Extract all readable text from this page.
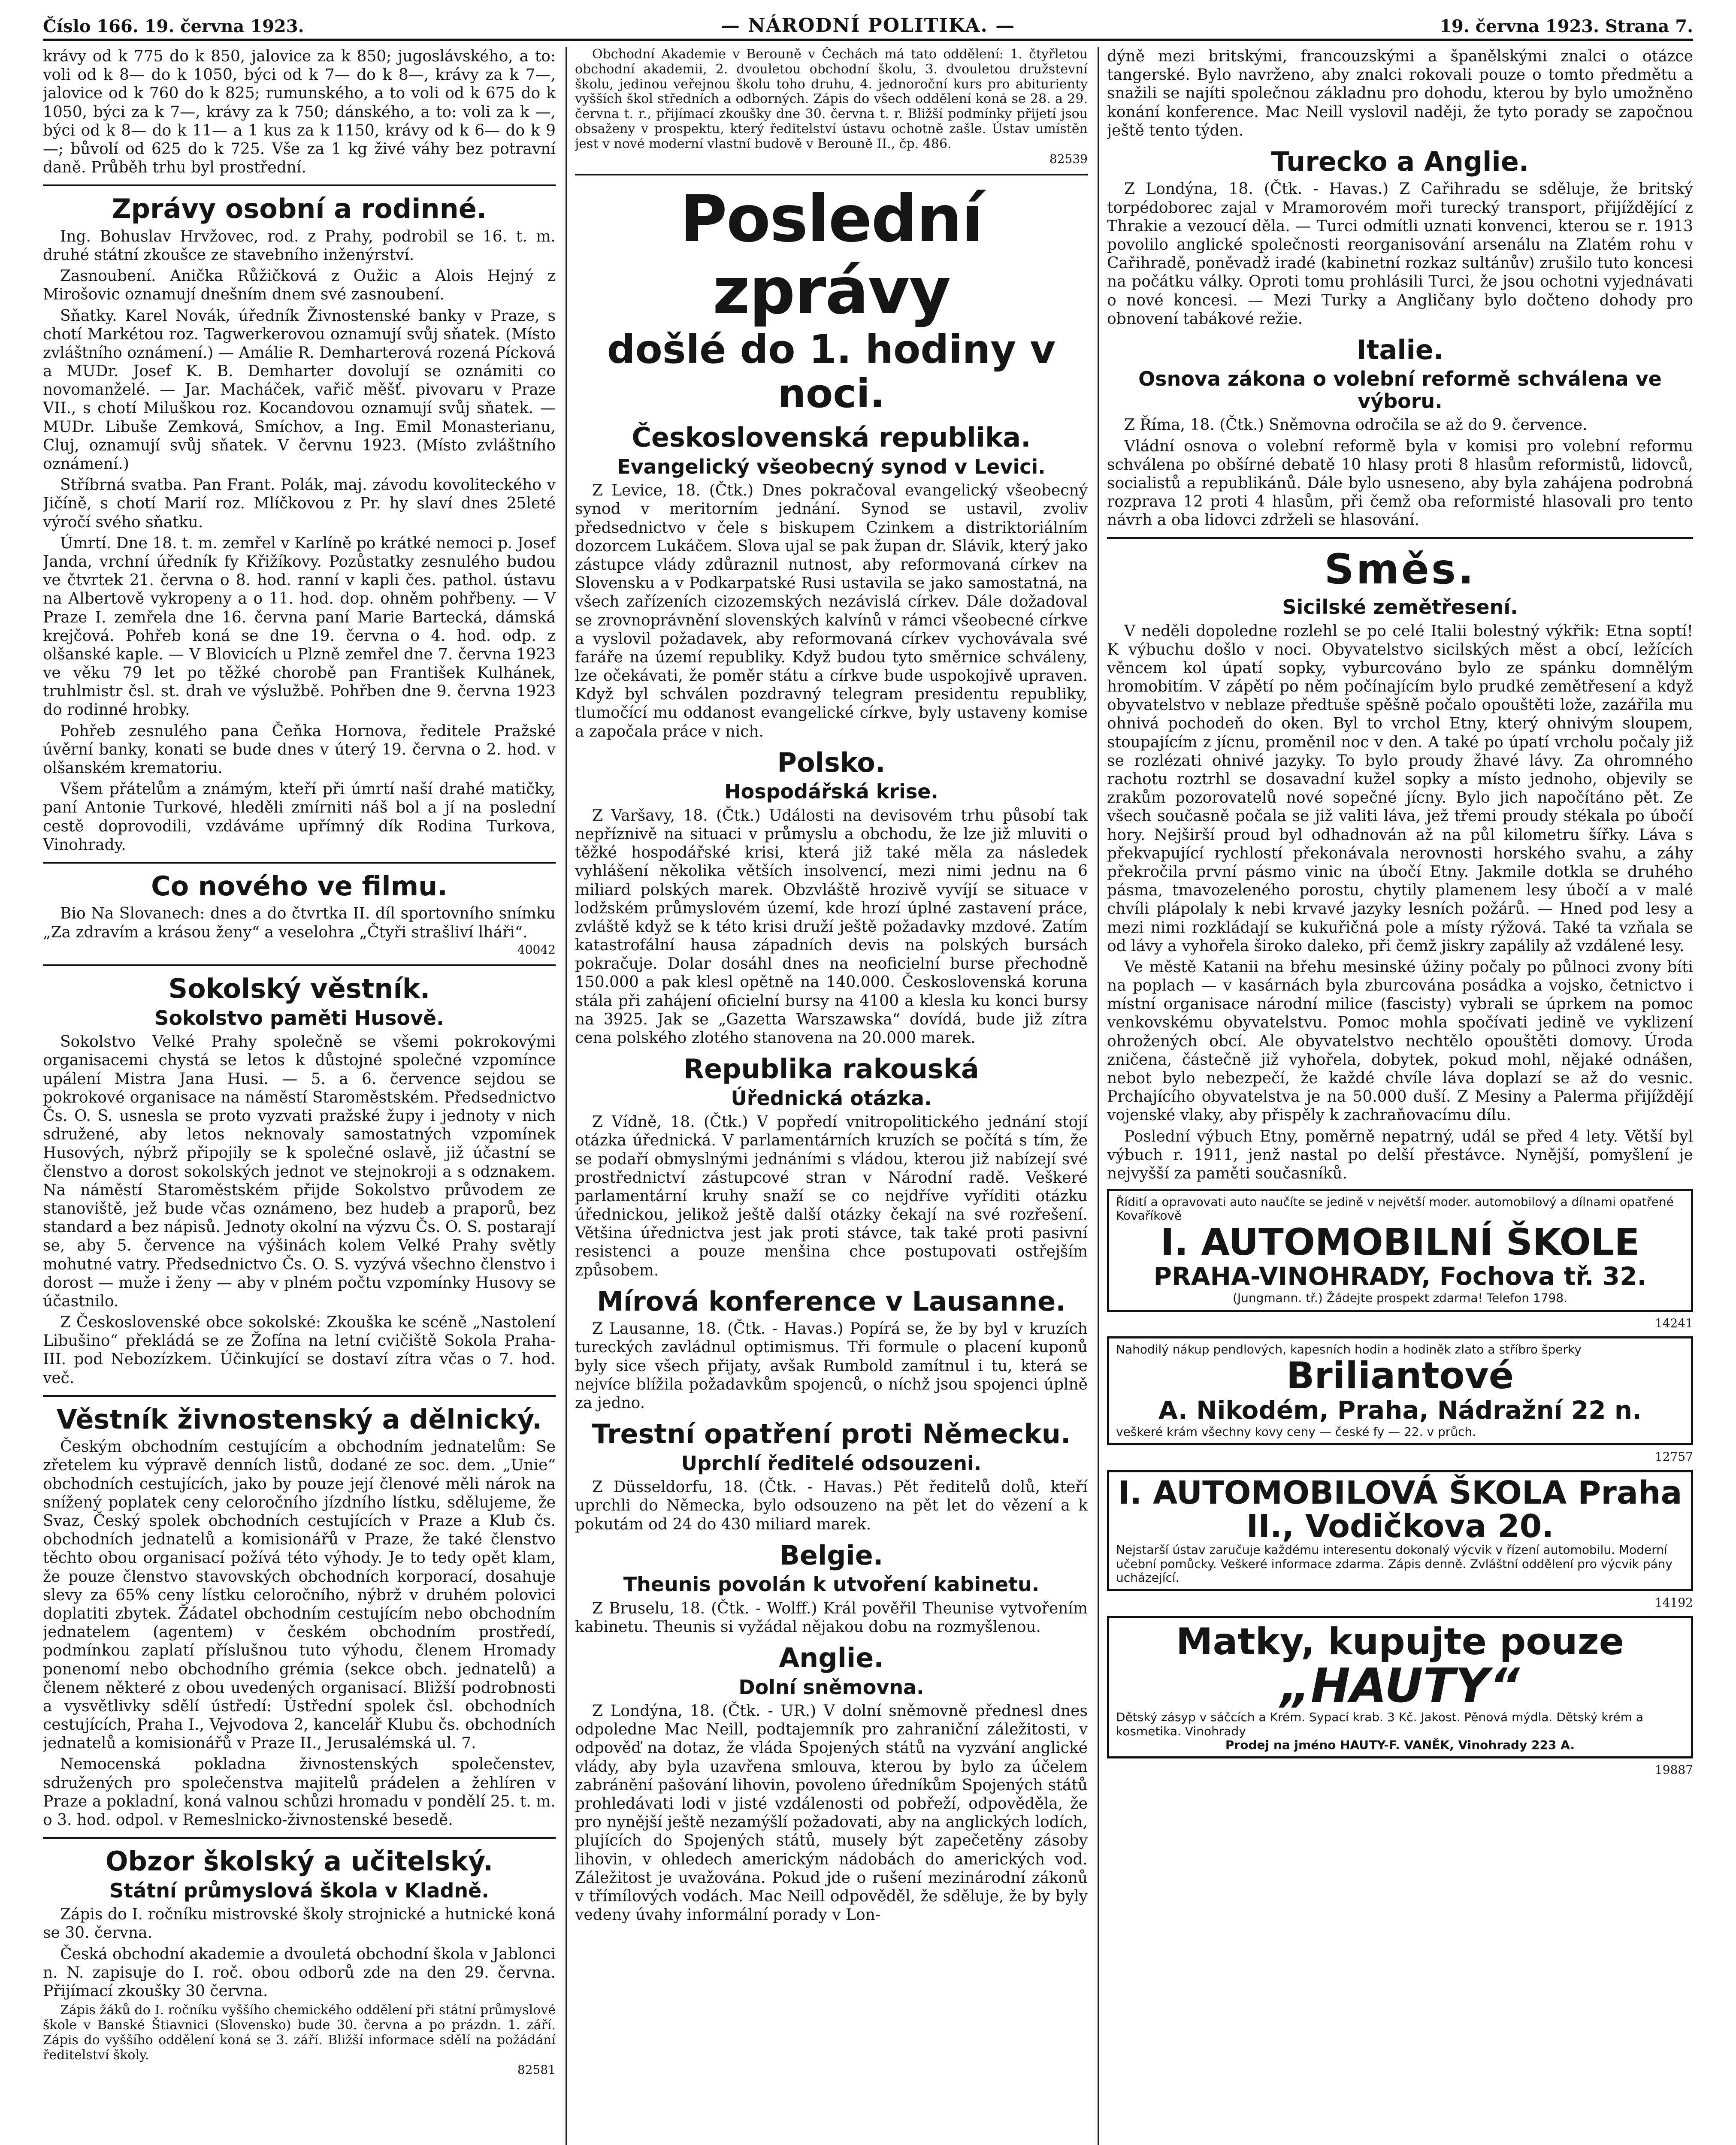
Číslo 166. 19. června 1923.	— NÁRODNÍ POLITIKA. —	19. června 1923. Strana 7.

krávy od k 775 do k 850, jalovice za k 850; jugoslávského, a to: voli od k 8— do k 1050, býci od k 7— do k 8—, krávy za k 7—, jalovice od k 760 do k 825; rumunského, a to voli od k 675 do k 1050, býci za k 7—, krávy za k 750; dánského, a to: voli za k —, býci od k 8— do k 11— a 1 kus za k 1150, krávy od k 6— do k 9—; bůvolí od 625 do k 725. Vše za 1 kg živé váhy bez potravní daně. Průběh trhu byl prostřední.

Zprávy osobní a rodinné.

Ing. Bohuslav Hrvžovec, rod. z Prahy, podrobil se 16. t. m. druhé státní zkoušce ze stavebního inženýrství.

Zasnoubení. Anička Růžičková z Oužic a Alois Hejný z Mirošovic oznamují dnešním dnem své zasnoubení.

Sňatky. Karel Novák, úředník Živnostenské banky v Praze, s chotí Markétou roz. Tagwerkerovou oznamují svůj sňatek. (Místo zvláštního oznámení.) — Amálie R. Demharterová rozená Pícková a MUDr. Josef K. B. Demharter dovolují se oznámiti co novomanželé. — Jar. Macháček, vařič měšť. pivovaru v Praze VII., s chotí Miluškou roz. Kocandovou oznamují svůj sňatek. — MUDr. Libuše Zemková, Smíchov, a Ing. Emil Monasterianu, Cluj, oznamují svůj sňatek. V červnu 1923. (Místo zvláštního oznámení.)

Stříbrná svatba. Pan Frant. Polák, maj. závodu kovoliteckého v Jičíně, s chotí Marií roz. Mlíčkovou z Pr. hy slaví dnes 25leté výročí svého sňatku.

Úmrtí. Dne 18. t. m. zemřel v Karlíně po krátké nemoci p. Josef Janda, vrchní úředník fy Křižíkovy. Pozůstatky zesnulého budou ve čtvrtek 21. června o 8. hod. ranní v kapli čes. pathol. ústavu na Albertově vykropeny a o 11. hod. dop. ohněm pohřbeny. — V Praze I. zemřela dne 16. června paní Marie Bartecká, dámská krejčová. Pohřeb koná se dne 19. června o 4. hod. odp. z olšanské kaple. — V Blovicích u Plzně zemřel dne 7. června 1923 ve věku 79 let po těžké chorobě pan František Kulhánek, truhlmistr čsl. st. drah ve výslužbě. Pohřben dne 9. června 1923 do rodinné hrobky.

Pohřeb zesnulého pana Čeňka Hornova, ředitele Pražské úvěrní banky, konati se bude dnes v úterý 19. června o 2. hod. v olšanském krematoriu.

Všem přátelům a známým, kteří při úmrtí naší drahé matičky, paní Antonie Turkové, hleděli zmírniti náš bol a jí na poslední cestě doprovodili, vzdáváme upřímný dík Rodina Turkova, Vinohrady.

Co nového ve filmu.

Bio Na Slovanech: dnes a do čtvrtka II. díl sportovního snímku „Za zdravím a krásou ženy“ a veselohra „Čtyři strašliví lháři“.

40042
Sokolský věstník.
Sokolstvo paměti Husově.

Sokolstvo Velké Prahy společně se všemi pokrokovými organisacemi chystá se letos k důstojné společné vzpomínce upálení Mistra Jana Husi. — 5. a 6. července sejdou se pokrokové organisace na náměstí Staroměstském. Předsednictvo Čs. O. S. usnesla se proto vyzvati pražské župy i jednoty v nich sdružené, aby letos neknovaly samostatných vzpomínek Husových, nýbrž připojily se k společné oslavě, již účastní se členstvo a dorost sokolských jednot ve stejnokroji a s odznakem. Na náměstí Staroměstském přijde Sokolstvo průvodem ze stanoviště, jež bude včas oznámeno, bez hudeb a praporů, bez standard a bez nápisů. Jednoty okolní na výzvu Čs. O. S. postarají se, aby 5. července na výšinách kolem Velké Prahy světly mohutné vatry. Předsednictvo Čs. O. S. vyzývá všechno členstvo i dorost — muže i ženy — aby v plném počtu vzpomínky Husovy se účastnilo.

Z Československé obce sokolské: Zkouška ke scéně „Nastolení Libušino“ překládá se ze Žofína na letní cvičiště Sokola Praha-III. pod Nebozízkem. Účinkující se dostaví zítra včas o 7. hod. več.

Věstník živnostenský a dělnický.

Českým obchodním cestujícím a obchodním jednatelům: Se zřetelem ku výpravě denních listů, dodané ze soc. dem. „Unie“ obchodních cestujících, jako by pouze její členové měli nárok na snížený poplatek ceny celoročního jízdního lístku, sdělujeme, že Svaz, Český spolek obchodních cestujících v Praze a Klub čs. obchodních jednatelů a komisionářů v Praze, že také členstvo těchto obou organisací požívá této výhody. Je to tedy opět klam, že pouze členstvo stavovských obchodních korporací, dosahuje slevy za 65% ceny lístku celoročního, nýbrž v druhém polovici doplatiti zbytek. Žádatel obchodním cestujícím nebo obchodním jednatelem (agentem) v českém obchodním prostředí, podmínkou zaplatí příslušnou tuto výhodu, členem Hromady ponenomí nebo obchodního grémia (sekce obch. jednatelů) a členem některé z obou uvedených organisací. Bližší podrobnosti a vysvětlivky sdělí ústředí: Ústřední spolek čsl. obchodních cestujících, Praha I., Vejvodova 2, kancelář Klubu čs. obchodních jednatelů a komisionářů v Praze II., Jerusalémská ul. 7.

Nemocenská pokladna živnostenských společenstev, sdružených pro společenstva majitelů prádelen a žehlíren v Praze a pokladní, koná valnou schůzi hromadu v pondělí 25. t. m. o 3. hod. odpol. v Remeslnicko-živnostenské besedě.

Obzor školský a učitelský.
Státní průmyslová škola v Kladně.

Zápis do I. ročníku mistrovské školy strojnické a hutnické koná se 30. června.

Česká obchodní akademie a dvouletá obchodní škola v Jablonci n. N. zapisuje do I. roč. obou odborů zde na den 29. června. Přijímací zkoušky 30 června.

Zápis žáků do I. ročníku vyššího chemického oddělení při státní průmyslové škole v Banské Štiavnici (Slovensko) bude 30. června a po prázdn. 1. září. Zápis do vyššího oddělení koná se 3. září. Bližší informace sdělí na požádání ředitelství školy.

82581

Obchodní Akademie v Berouně v Čechách má tato oddělení: 1. čtyřletou obchodní akademii, 2. dvouletou obchodní školu, 3. dvouletou družstevní školu, jedinou veřejnou školu toho druhu, 4. jednoroční kurs pro abiturienty vyšších škol středních a odborných. Zápis do všech oddělení koná se 28. a 29. června t. r., přijímací zkoušky dne 30. června t. r. Bližší podmínky přijetí jsou obsaženy v prospektu, který ředitelství ústavu ochotně zašle. Ústav umístěn jest v nové moderní vlastní budově v Berouně II., čp. 486.

82539
Poslední zprávy
došlé do 1. hodiny v noci.
Československá republika.
Evangelický všeobecný synod v Levici.

Z Levice, 18. (Čtk.) Dnes pokračoval evangelický všeobecný synod v meritorním jednání. Synod se ustavil, zvoliv předsednictvo v čele s biskupem Czinkem a distriktoriálním dozorcem Lukáčem. Slova ujal se pak župan dr. Slávik, který jako zástupce vlády zdůraznil nutnost, aby reformovaná církev na Slovensku a v Podkarpatské Rusi ustavila se jako samostatná, na všech zařízeních cizozemských nezávislá církev. Dále dožadoval se zrovnoprávnění slovenských kalvínů v rámci všeobecné církve a vyslovil požadavek, aby reformovaná církev vychovávala své faráře na území republiky. Když budou tyto směrnice schváleny, lze očekávati, že poměr státu a církve bude uspokojivě upraven. Když byl schválen pozdravný telegram presidentu republiky, tlumočící mu oddanost evangelické církve, byly ustaveny komise a započala práce v nich.

Polsko.
Hospodářská krise.

Z Varšavy, 18. (Čtk.) Události na devisovém trhu působí tak nepříznivě na situaci v průmyslu a obchodu, že lze již mluviti o těžké hospodářské krisi, která již také měla za následek vyhlášení několika větších insolvencí, mezi nimi jednu na 6 miliard polských marek. Obzvláště hrozivě vyvíjí se situace v lodžském průmyslovém území, kde hrozí úplné zastavení práce, zvláště když se k této krisi druží ještě požadavky mzdové. Zatím katastrofální hausa západních devis na polských bursách pokračuje. Dolar dosáhl dnes na neoficielní burse přechodně 150.000 a pak klesl opětně na 140.000. Československá koruna stála při zahájení oficielní bursy na 4100 a klesla ku konci bursy na 3925. Jak se „Gazetta Warszawska“ dovídá, bude již zítra cena polského zlotého stanovena na 20.000 marek.

Republika rakouská
Úřednická otázka.

Z Vídně, 18. (Čtk.) V popředí vnitropolitického jednání stojí otázka úřednická. V parlamentárních kruzích se počítá s tím, že se podaří obmyslnými jednáními s vládou, kterou již nabízejí své prostřednictví zástupcové stran v Národní radě. Veškeré parlamentární kruhy snaží se co nejdříve vyříditi otázku úřednickou, jelikož ještě další otázky čekají na své rozřešení. Většina úřednictva jest jak proti stávce, tak také proti pasivní resistenci a pouze menšina chce postupovati ostřejším způsobem.

Mírová konference v Lausanne.

Z Lausanne, 18. (Čtk. - Havas.) Popírá se, že by byl v kruzích tureckých zavládnul optimismus. Tři formule o placení kuponů byly sice všech přijaty, avšak Rumbold zamítnul i tu, která se nejvíce blížila požadavkům spojenců, o níchž jsou spojenci úplně za jedno.

Trestní opatření proti Německu.
Uprchlí ředitelé odsouzeni.

Z Düsseldorfu, 18. (Čtk. - Havas.) Pět ředitelů dolů, kteří uprchli do Německa, bylo odsouzeno na pět let do vězení a k pokutám od 24 do 430 miliard marek.

Belgie.
Theunis povolán k utvoření kabinetu.

Z Bruselu, 18. (Čtk. - Wolff.) Král pověřil Theunise vytvořením kabinetu. Theunis si vyžádal nějakou dobu na rozmyšlenou.

Anglie.
Dolní sněmovna.

Z Londýna, 18. (Čtk. - UR.) V dolní sněmovně přednesl dnes odpoledne Mac Neill, podtajemník pro zahraniční záležitosti, v odpověď na dotaz, že vláda Spojených států na vyzvání anglické vlády, aby byla uzavřena smlouva, kterou by bylo za účelem zabránění pašování lihovin, povoleno úředníkům Spojených států prohledávati lodi v jisté vzdálenosti od pobřeží, odpověděla, že pro nynější ještě nezamýšlí požadovati, aby na anglických lodích, plujících do Spojených států, musely být zapečetěny zásoby lihovin, v ohledech americkým nádobách do amerických vod. Záležitost je uvažována. Pokud jde o rušení mezinárodní zákonů v třímílových vodách. Mac Neill odpověděl, že sděluje, že by byly vedeny úvahy informální porady v Lon-

dýně mezi britskými, francouzskými a španělskými znalci o otázce tangerské. Bylo navrženo, aby znalci rokovali pouze o tomto předmětu a snažili se najíti společnou základnu pro dohodu, kterou by bylo umožněno konání konference. Mac Neill vyslovil naději, že tyto porady se započnou ještě tento týden.

Turecko a Anglie.

Z Londýna, 18. (Čtk. - Havas.) Z Cařihradu se sděluje, že britský torpédoborec zajal v Mramorovém moři turecký transport, přijíždějící z Thrakie a vezoucí děla. — Turci odmítli uznati konvenci, kterou se r. 1913 povolilo anglické společnosti reorganisování arsenálu na Zlatém rohu v Cařihradě, poněvadž iradé (kabinetní rozkaz sultánův) zrušilo tuto koncesi na počátku války. Oproti tomu prohlásili Turci, že jsou ochotni vyjednávati o nové koncesi. — Mezi Turky a Angličany bylo dočteno dohody pro obnovení tabákové režie.

Italie.
Osnova zákona o volební reformě schválena ve výboru.

Z Říma, 18. (Čtk.) Sněmovna odročila se až do 9. července.

Vládní osnova o volební reformě byla v komisi pro volební reformu schválena po obšírné debatě 10 hlasy proti 8 hlasům reformistů, lidovců, socialistů a republikánů. Dále bylo usneseno, aby byla zahájena podrobná rozprava 12 proti 4 hlasům, při čemž oba reformisté hlasovali pro tento návrh a oba lidovci zdrželi se hlasování.

Směs.
Sicilské zemětřesení.

V neděli dopoledne rozlehl se po celé Italii bolestný výkřik: Etna soptí! K výbuchu došlo v noci. Obyvatelstvo sicilských měst a obcí, ležících věncem kol úpatí sopky, vyburcováno bylo ze spánku domnělým hromobitím. V zápětí po něm počínajícím bylo prudké zemětřesení a když obyvatelstvo v neblaze předtuše spěšně počalo opouštěti lože, zazářila mu ohnivá pochodeň do oken. Byl to vrchol Etny, který ohnivým sloupem, stoupajícím z jícnu, proměnil noc v den. A také po úpatí vrcholu počaly již se rozlézati ohnivé jazyky. To bylo proudy žhavé lávy. Za ohromného rachotu roztrhl se dosavadní kužel sopky a místo jednoho, objevily se zrakům pozorovatelů nové sopečné jícny. Bylo jich napočítáno pět. Ze všech současně počala se již valiti láva, jež třemi proudy stékala po úbočí hory. Nejširší proud byl odhadnován až na půl kilometru šířky. Láva s překvapující rychlostí překonávala nerovnosti horského svahu, a záhy překročila první pásmo vinic na úbočí Etny. Jakmile dotkla se druhého pásma, tmavozeleného porostu, chytily plamenem lesy úbočí a v malé chvíli plápolaly k nebi krvavé jazyky lesních požárů. — Hned pod lesy a mezi nimi rozkládají se kukuřičná pole a místy rýžová. Také ta vzňala se od lávy a vyhořela široko daleko, při čemž jiskry zapálily až vzdálené lesy.

Ve městě Katanii na břehu mesinské úžiny počaly po půlnoci zvony bíti na poplach — v kasárnách byla zburcována posádka a vojsko, četnictvo i místní organisace národní milice (fascisty) vybrali se úprkem na pomoc venkovskému obyvatelstvu. Pomoc mohla spočívati jedině ve vyklizení ohrožených obcí. Ale obyvatelstvo nechtělo opouštěti domovy. Úroda zničena, částečně již vyhořela, dobytek, pokud mohl, nějaké odnášen, nebot bylo nebezpečí, že každé chvíle láva doplazí se až do vesnic. Prchajícího obyvatelstva je na 50.000 duší. Z Mesiny a Palerma přijíždějí vojenské vlaky, aby přispěly k zachraňovacímu dílu.

Poslední výbuch Etny, poměrně nepatrný, udál se před 4 lety. Větší byl výbuch r. 1911, jenž nastal po delší přestávce. Nynější, pomyšlení je nejvyšší za paměti současníků.

Řídití a opravovati auto naučíte se jedině v největší moder. automobilový a dílnami opatřené Kovaříkově
I. AUTOMOBILNÍ ŠKOLE
PRAHA-VINOHRADY, Fochova tř. 32.
(Jungmann. tř.) Žádejte prospekt zdarma! Telefon 1798.
14241
Nahodilý nákup pendlových, kapesních hodin a hodiněk zlato a stříbro šperky
Briliantové
A. Nikodém, Praha, Nádražní 22 n.
veškeré krám všechny kovy ceny — české fy — 22. v průch.
12757
I. AUTOMOBILOVÁ ŠKOLA Praha II., Vodičkova 20.
Nejstarší ústav zaručuje každému interesentu dokonalý výcvik v řízení automobilu. Moderní učební pomůcky. Veškeré informace zdarma. Zápis denně. Zvláštní oddělení pro výcvik pány ucházející.
14192
Matky, kupujte pouze
„HAUTY“
Dětský zásyp v sáčcích a Krém. Sypací krab. 3 Kč. Jakost. Pěnová mýdla. Dětský krém a kosmetika. Vinohrady
Prodej na jméno HAUTY-F. VANĚK, Vinohrady 223 A.
19887
